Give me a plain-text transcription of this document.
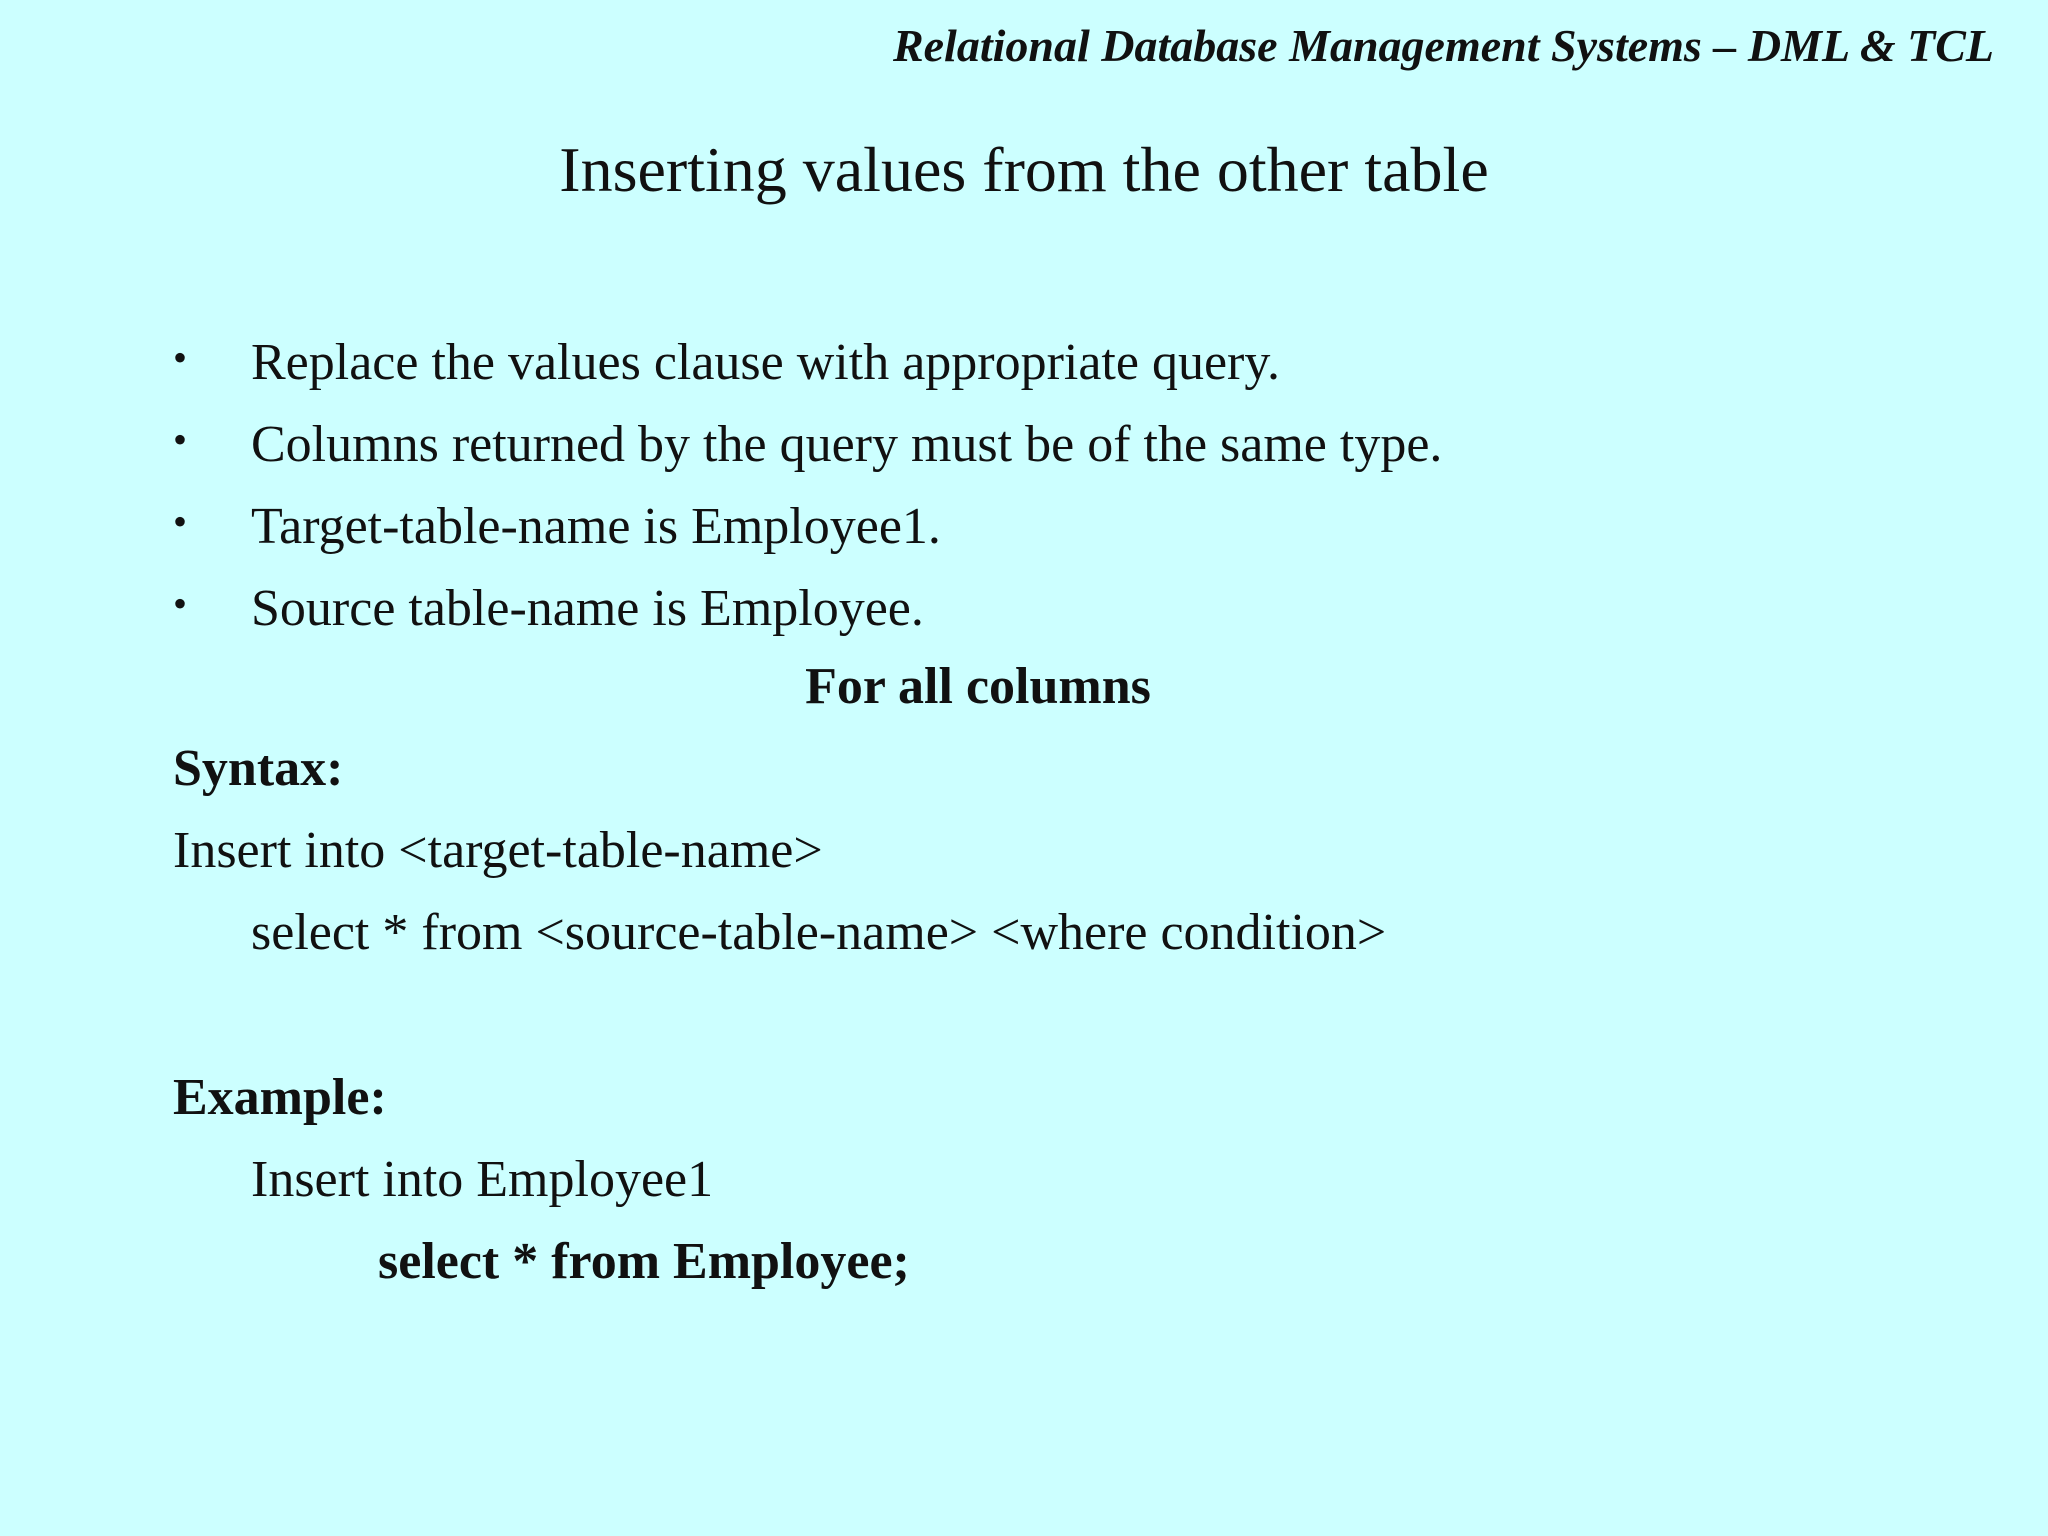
Relational Database Management Systems – DML & TCL
Inserting values from the other table
• Replace the values clause with appropriate query.
• Columns returned by the query must be of the same type.
• Target-table-name is Employee1.
• Source table-name is Employee.
For all columns
Syntax:
Insert into <target-table-name>
select * from <source-table-name> <where condition>
Example:
Insert into Employee1
select * from Employee;
